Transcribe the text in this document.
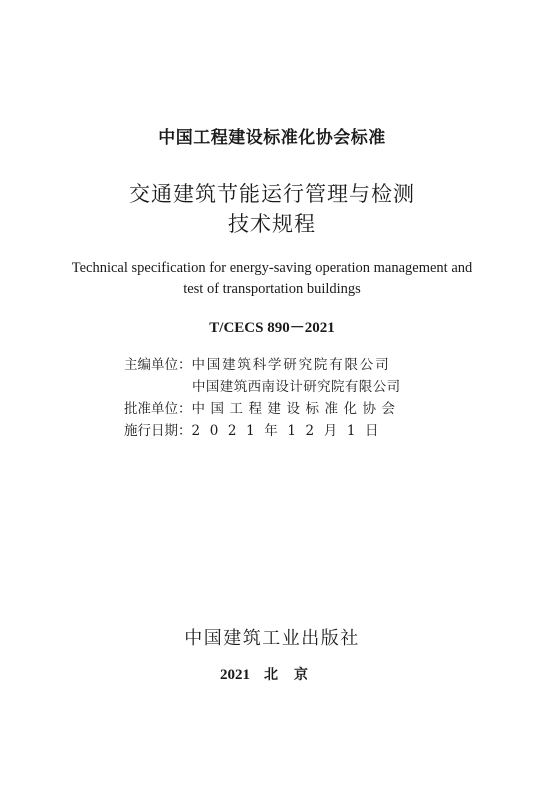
中国工程建设标准化协会标准
交通建筑节能运行管理与检测
技术规程
Technical specification for energy-saving operation management and
test of transportation buildings
T/CECS 890－2021
主编单位：中国建筑科学研究院有限公司
中国建筑西南设计研究院有限公司
批准单位：中国工程建设标准化协会
施行日期：2021年12月1日
中国建筑工业出版社
2021 北京
